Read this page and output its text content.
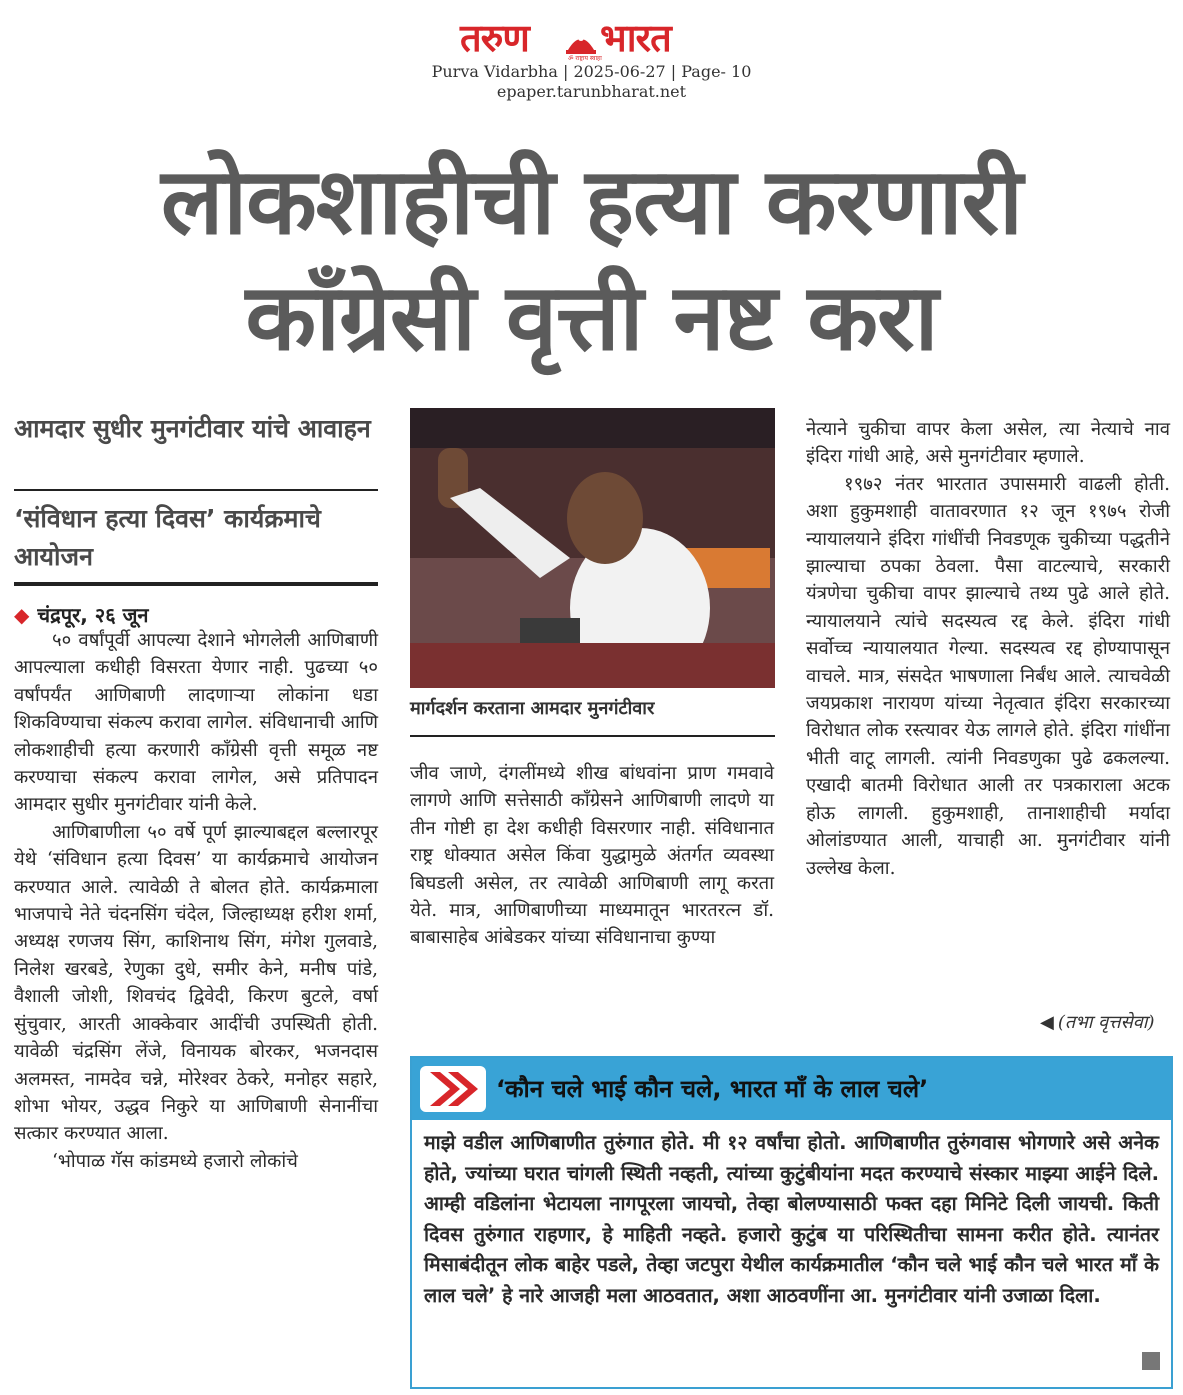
तरुण भारत
ॐ राष्ट्राय स्वाहा
Purva Vidarbha | 2025-06-27 | Page- 10
epaper.tarunbharat.net
लोकशाहीची हत्या करणारी
काँग्रेसी वृत्ती नष्ट करा
आमदार सुधीर मुनगंटीवार यांचे आवाहन
‘संविधान हत्या दिवस’ कार्यक्रमाचे आयोजन
◆ चंद्रपूर, २६ जून

५० वर्षांपूर्वी आपल्या देशाने भोगलेली आणिबाणी आपल्याला कधीही विसरता येणार नाही. पुढच्या ५० वर्षांपर्यंत आणिबाणी लादणाऱ्या लोकांना धडा शिकविण्याचा संकल्प करावा लागेल. संविधानाची आणि लोकशाहीची हत्या करणारी काँग्रेसी वृत्ती समूळ नष्ट करण्याचा संकल्प करावा लागेल, असे प्रतिपादन आमदार सुधीर मुनगंटीवार यांनी केले.

आणिबाणीला ५० वर्षे पूर्ण झाल्याबद्दल बल्लारपूर येथे ‘संविधान हत्या दिवस’ या कार्यक्रमाचे आयोजन करण्यात आले. त्यावेळी ते बोलत होते. कार्यक्रमाला भाजपाचे नेते चंदनसिंग चंदेल, जिल्हाध्यक्ष हरीश शर्मा, अध्यक्ष रणजय सिंग, काशिनाथ सिंग, मंगेश गुलवाडे, निलेश खरबडे, रेणुका दुधे, समीर केने, मनीष पांडे, वैशाली जोशी, शिवचंद द्विवेदी, किरण बुटले, वर्षा सुंचुवार, आरती आक्केवार आदींची उपस्थिती होती. यावेळी चंद्रसिंग लेंजे, विनायक बोरकर, भजनदास अलमस्त, नामदेव चन्ने, मोरेश्वर ठेकरे, मनोहर सहारे, शोभा भोयर, उद्धव निकुरे या आणिबाणी सेनानींचा सत्कार करण्यात आला.

‘भोपाळ गॅस कांडमध्ये हजारो लोकांचे

मार्गदर्शन करताना आमदार मुनगंटीवार

जीव जाणे, दंगलींमध्ये शीख बांधवांना प्राण गमवावे लागणे आणि सत्तेसाठी काँग्रेसने आणिबाणी लादणे या तीन गोष्टी हा देश कधीही विसरणार नाही. संविधानात राष्ट्र धोक्यात असेल किंवा युद्धामुळे अंतर्गत व्यवस्था बिघडली असेल, तर त्यावेळी आणिबाणी लागू करता येते. मात्र, आणिबाणीच्या माध्यमातून भारतरत्न डॉ. बाबासाहेब आंबेडकर यांच्या संविधानाचा कुण्या

नेत्याने चुकीचा वापर केला असेल, त्या नेत्याचे नाव इंदिरा गांधी आहे, असे मुनगंटीवार म्हणाले.

१९७२ नंतर भारतात उपासमारी वाढली होती. अशा हुकुमशाही वातावरणात १२ जून १९७५ रोजी न्यायालयाने इंदिरा गांधींची निवडणूक चुकीच्या पद्धतीने झाल्याचा ठपका ठेवला. पैसा वाटल्याचे, सरकारी यंत्रणेचा चुकीचा वापर झाल्याचे तथ्य पुढे आले होते. न्यायालयाने त्यांचे सदस्यत्व रद्द केले. इंदिरा गांधी सर्वोच्च न्यायालयात गेल्या. सदस्यत्व रद्द होण्यापासून वाचले. मात्र, संसदेत भाषणाला निर्बंध आले. त्याचवेळी जयप्रकाश नारायण यांच्या नेतृत्वात इंदिरा सरकारच्या विरोधात लोक रस्त्यावर येऊ लागले होते. इंदिरा गांधींना भीती वाटू लागली. त्यांनी निवडणुका पुढे ढकलल्या. एखादी बातमी विरोधात आली तर पत्रकाराला अटक होऊ लागली. हुकुमशाही, तानाशाहीची मर्यादा ओलांडण्यात आली, याचाही आ. मुनगंटीवार यांनी उल्लेख केला.

◀ (तभा वृत्तसेवा)
‘कौन चले भाई कौन चले, भारत माँ के लाल चले’
माझे वडील आणिबाणीत तुरुंगात होते. मी १२ वर्षांचा होतो. आणिबाणीत तुरुंगवास भोगणारे असे अनेक होते, ज्यांच्या घरात चांगली स्थिती नव्हती, त्यांच्या कुटुंबीयांना मदत करण्याचे संस्कार माझ्या आईने दिले. आम्ही वडिलांना भेटायला नागपूरला जायचो, तेव्हा बोलण्यासाठी फक्त दहा मिनिटे दिली जायची. किती दिवस तुरुंगात राहणार, हे माहिती नव्हते. हजारो कुटुंब या परिस्थितीचा सामना करीत होते. त्यानंतर मिसाबंदीतून लोक बाहेर पडले, तेव्हा जटपुरा येथील कार्यक्रमातील ‘कौन चले भाई कौन चले भारत माँ के लाल चले’ हे नारे आजही मला आठवतात, अशा आठवणींना आ. मुनगंटीवार यांनी उजाळा दिला.
